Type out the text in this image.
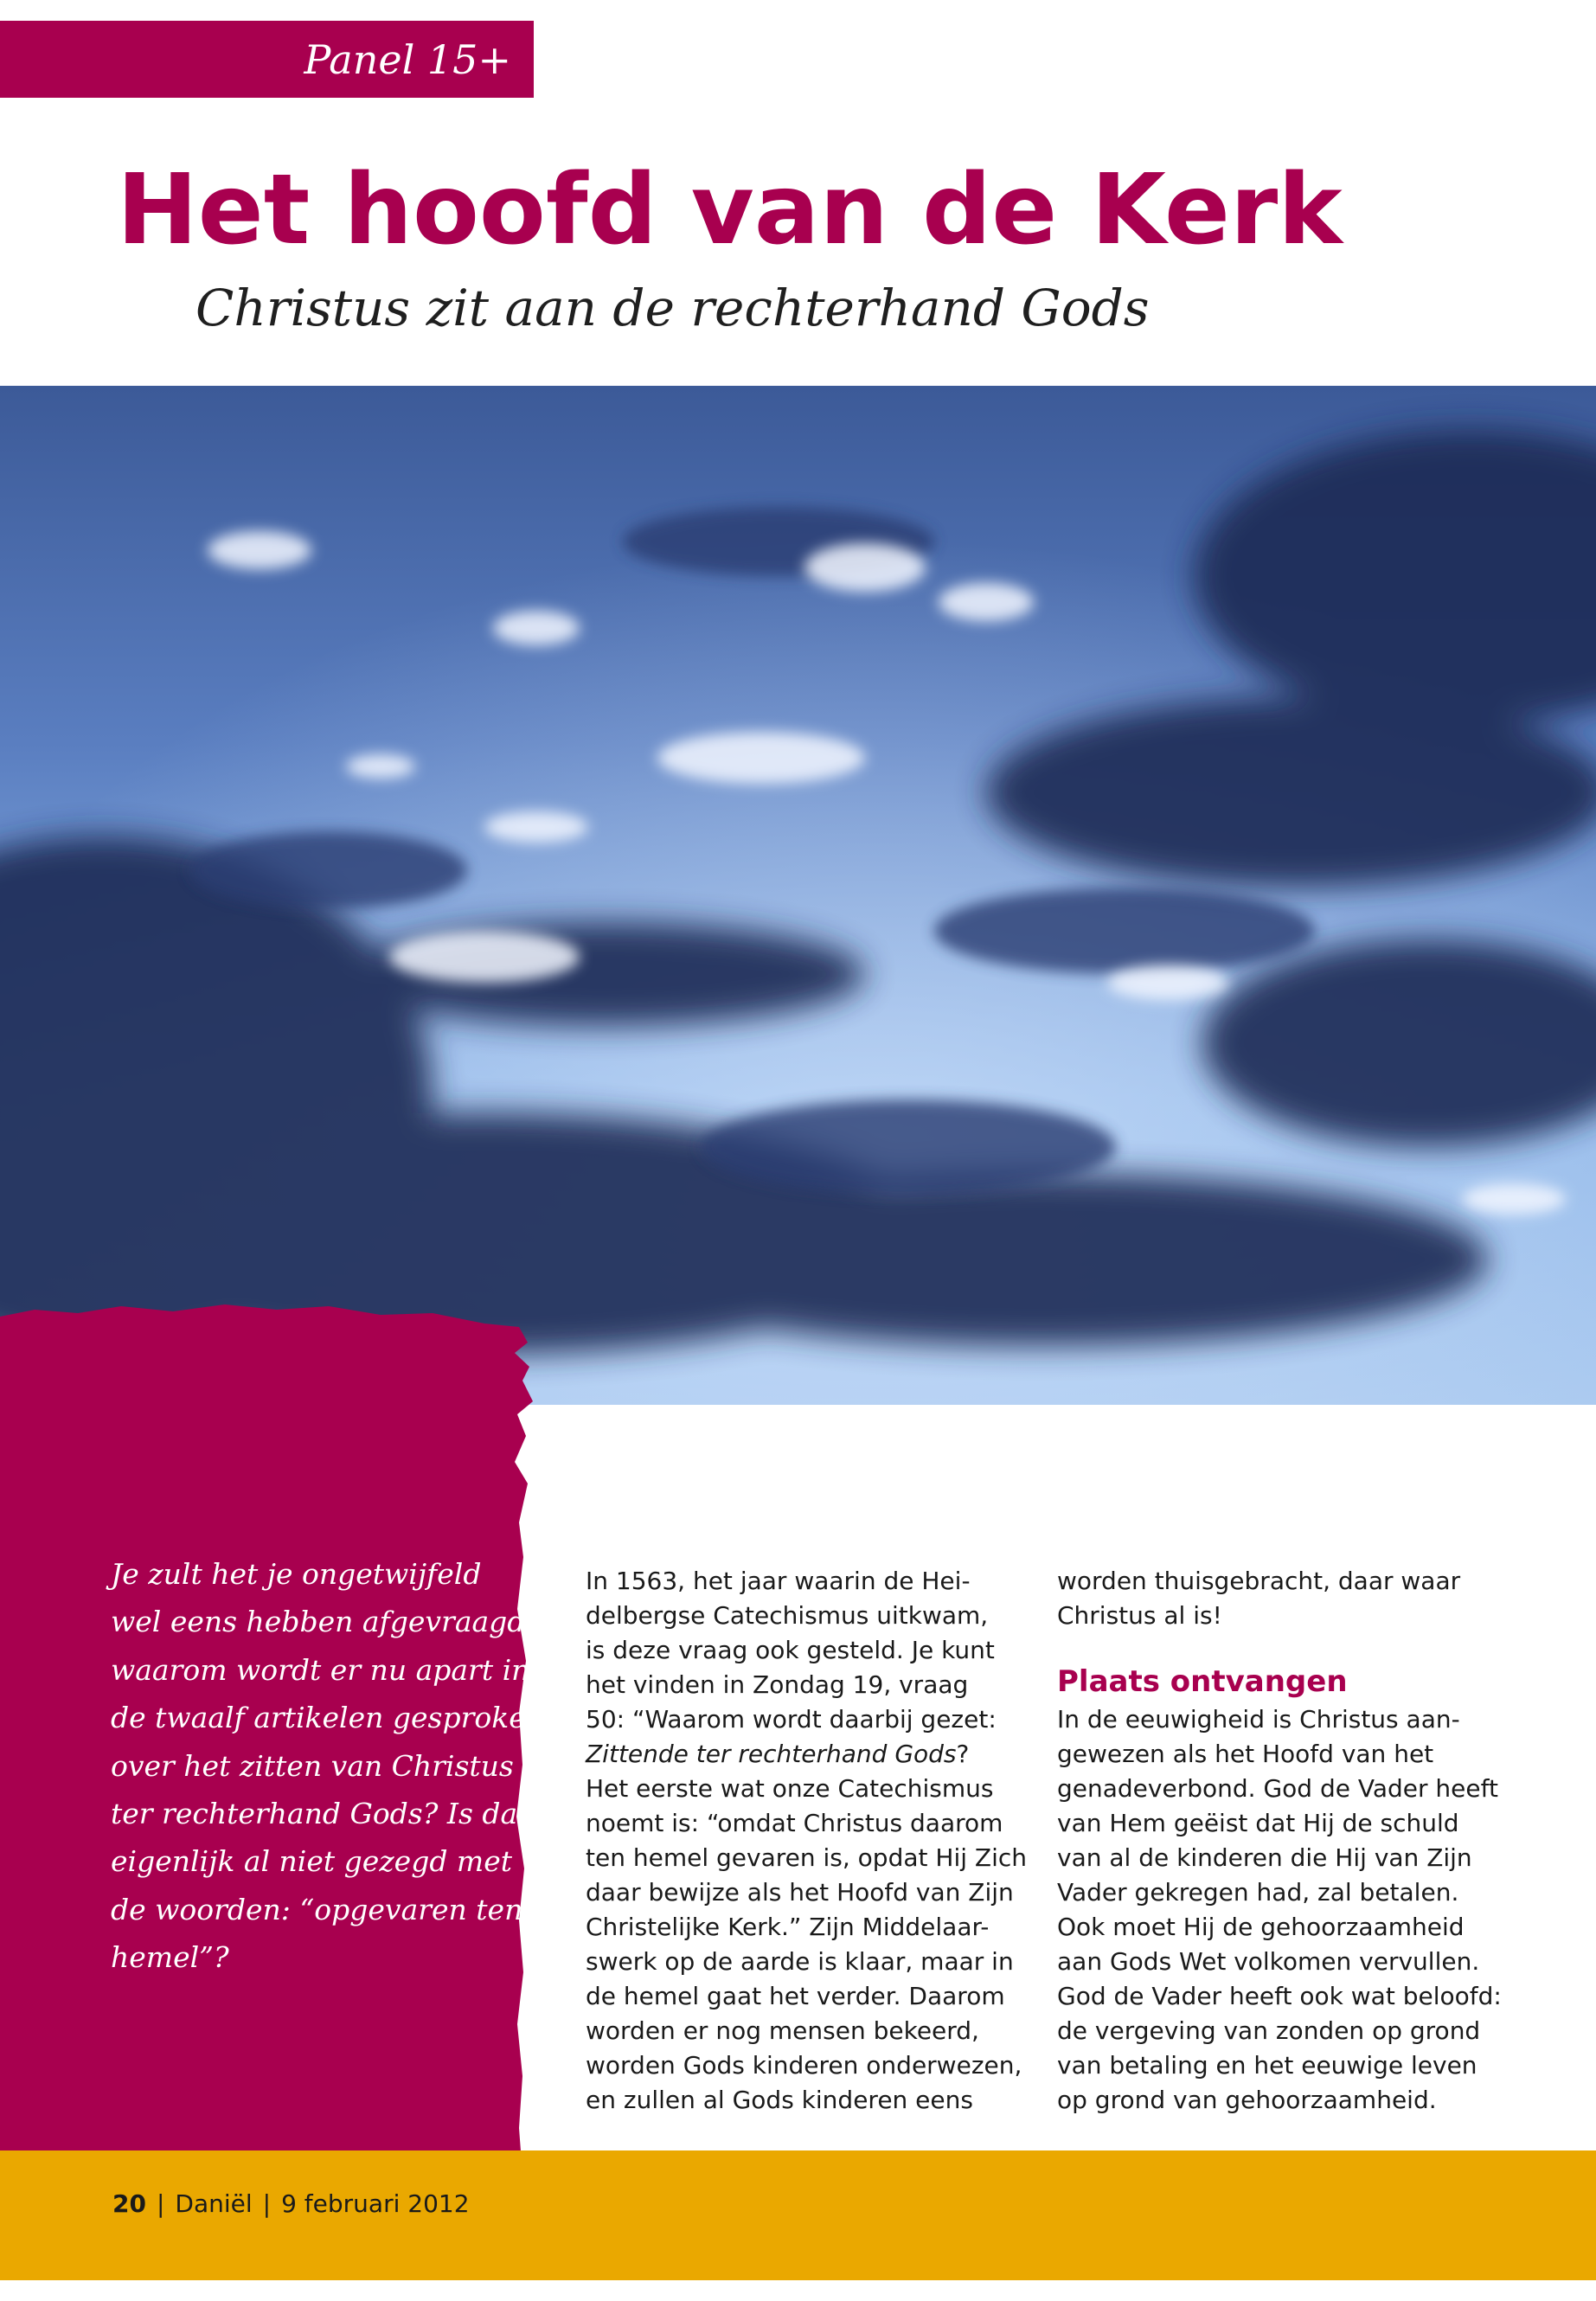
Panel 15+
Het hoofd van de Kerk
Christus zit aan de rechterhand Gods
Je zult het je ongetwijfeld
wel eens hebben afgevraagd:
waarom wordt er nu apart in
de twaalf artikelen gesproken
over het zitten van Christus
ter rechterhand Gods? Is dat
eigenlijk al niet gezegd met
de woorden: “opgevaren ten
hemel”?
In 1563, het jaar waarin de Hei-
delbergse Catechismus uitkwam,
is deze vraag ook gesteld. Je kunt
het vinden in Zondag 19, vraag
50: “Waarom wordt daarbij gezet:
Zittende ter rechterhand Gods?
Het eerste wat onze Catechismus
noemt is: “omdat Christus daarom
ten hemel gevaren is, opdat Hij Zich
daar bewijze als het Hoofd van Zijn
Christelijke Kerk.” Zijn Middelaar-
swerk op de aarde is klaar, maar in
de hemel gaat het verder. Daarom
worden er nog mensen bekeerd,
worden Gods kinderen onderwezen,
en zullen al Gods kinderen eens
worden thuisgebracht, daar waar
Christus al is!
Plaats ontvangen
In de eeuwigheid is Christus aan-
gewezen als het Hoofd van het
genadeverbond. God de Vader heeft
van Hem geëist dat Hij de schuld
van al de kinderen die Hij van Zijn
Vader gekregen had, zal betalen.
Ook moet Hij de gehoorzaamheid
aan Gods Wet volkomen vervullen.
God de Vader heeft ook wat beloofd:
de vergeving van zonden op grond
van betaling en het eeuwige leven
op grond van gehoorzaamheid.
20 | Daniël | 9 februari 2012
